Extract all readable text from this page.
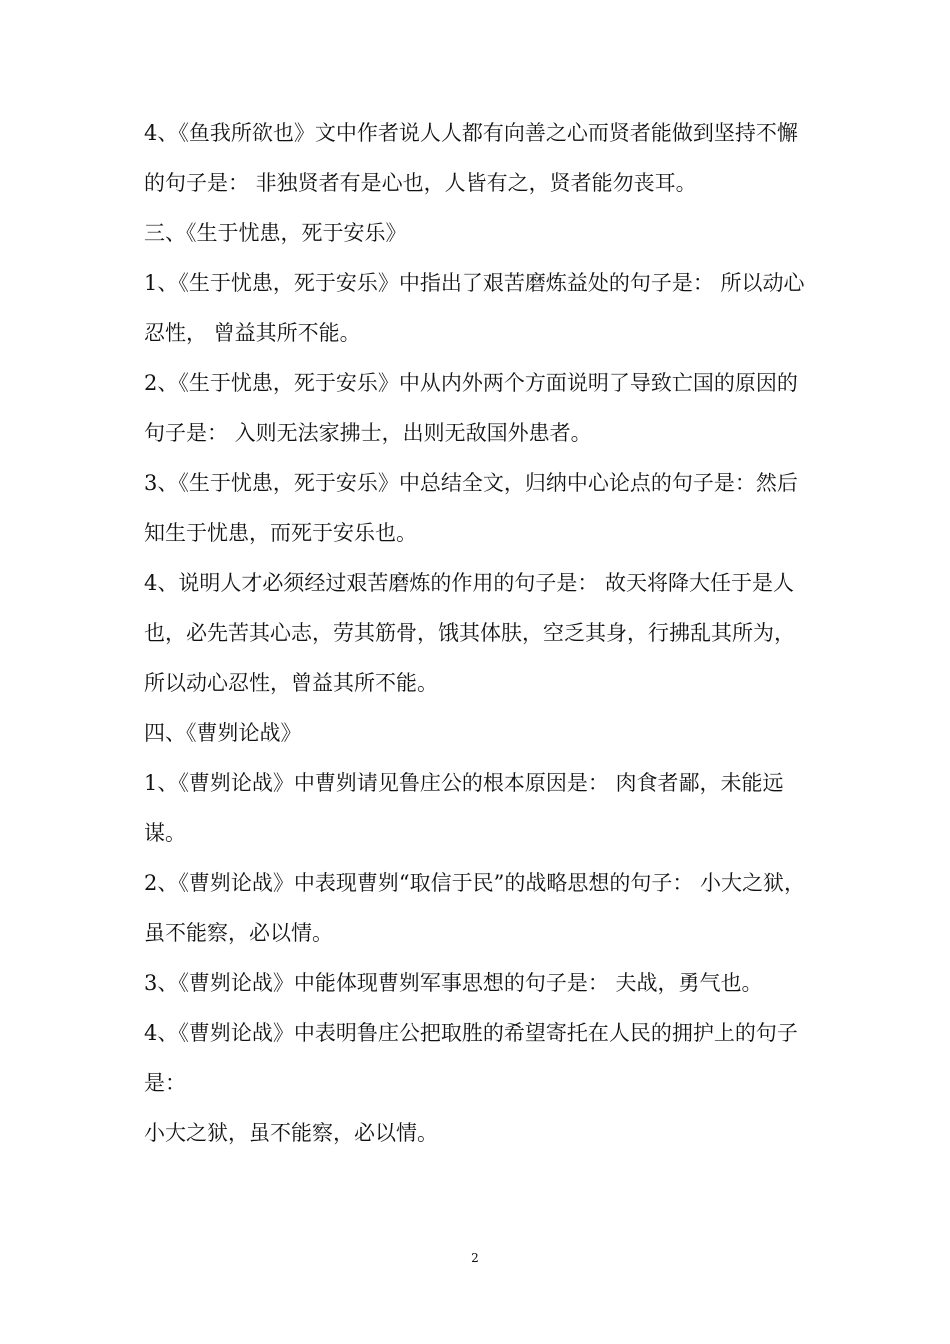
4、《鱼我所欲也》文中作者说人人都有向善之心而贤者能做到坚持不懈的句子是： 非独贤者有是心也，人皆有之，贤者能勿丧耳。

三、《生于忧患，死于安乐》

1、《生于忧患，死于安乐》中指出了艰苦磨炼益处的句子是： 所以动心忍性， 曾益其所不能。

2、《生于忧患，死于安乐》中从内外两个方面说明了导致亡国的原因的句子是： 入则无法家拂士，出则无敌国外患者。

3、《生于忧患，死于安乐》中总结全文，归纳中心论点的句子是：然后知生于忧患，而死于安乐也。

4、说明人才必须经过艰苦磨炼的作用的句子是： 故天将降大任于是人也，必先苦其心志，劳其筋骨，饿其体肤，空乏其身，行拂乱其所为，所以动心忍性，曾益其所不能。

四、《曹刿论战》

1、《曹刿论战》中曹刿请见鲁庄公的根本原因是： 肉食者鄙，未能远谋。

2、《曹刿论战》中表现曹刿“取信于民”的战略思想的句子： 小大之狱，虽不能察，必以情。

3、《曹刿论战》中能体现曹刿军事思想的句子是： 夫战，勇气也。

4、《曹刿论战》中表明鲁庄公把取胜的希望寄托在人民的拥护上的句子是：

小大之狱，虽不能察，必以情。

2
